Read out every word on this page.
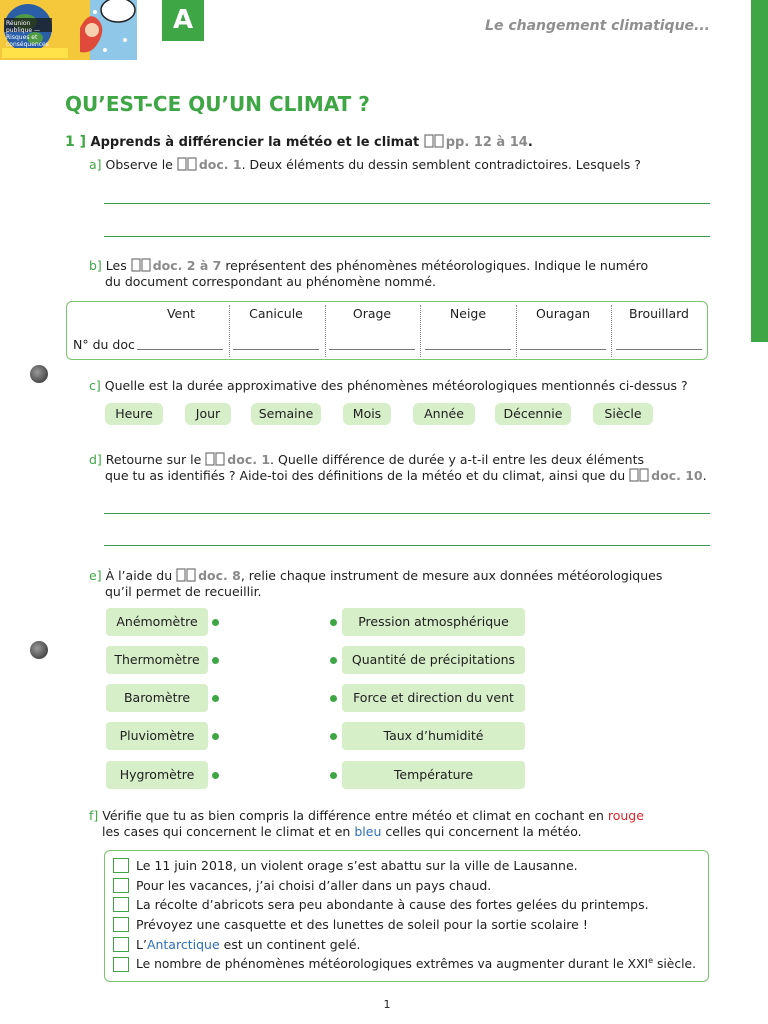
Réunion publique — Risques et conséquences
A	Le changement climatique...
QU’EST-CE QU’UN CLIMAT ?

1 ] Apprends à différencier la météo et le climat pp. 12 à 14.

a] Observe le doc. 1. Deux éléments du dessin semblent contradictoires. Lesquels ?

b] Les doc. 2 à 7 représentent des phénomènes météorologiques. Indique le numéro

du document correspondant au phénomène nommé.

Vent	Canicule	Orage	Neige	Ouragan	Brouillard
N° du doc

c] Quelle est la durée approximative des phénomènes météorologiques mentionnés ci-dessus ?

Heure	Jour	Semaine	Mois	Année	Décennie	Siècle

d] Retourne sur le doc. 1. Quelle différence de durée y a-t-il entre les deux éléments

que tu as identifiés ? Aide-toi des définitions de la météo et du climat, ainsi que du doc. 10.

e] À l’aide du doc. 8, relie chaque instrument de mesure aux données météorologiques

qu’il permet de recueillir.

Anémomètre
Thermomètre
Baromètre
Pluviomètre
Hygromètre
Pression atmosphérique
Quantité de précipitations
Force et direction du vent
Taux d’humidité
Température

f] Vérifie que tu as bien compris la différence entre météo et climat en cochant en rouge

les cases qui concernent le climat et en bleu celles qui concernent la météo.

Le 11 juin 2018, un violent orage s’est abattu sur la ville de Lausanne.
Pour les vacances, j’ai choisi d’aller dans un pays chaud.
La récolte d’abricots sera peu abondante à cause des fortes gelées du printemps.
Prévoyez une casquette et des lunettes de soleil pour la sortie scolaire !
L’Antarctique est un continent gelé.
Le nombre de phénomènes météorologiques extrêmes va augmenter durant le XXIe siècle.
1
